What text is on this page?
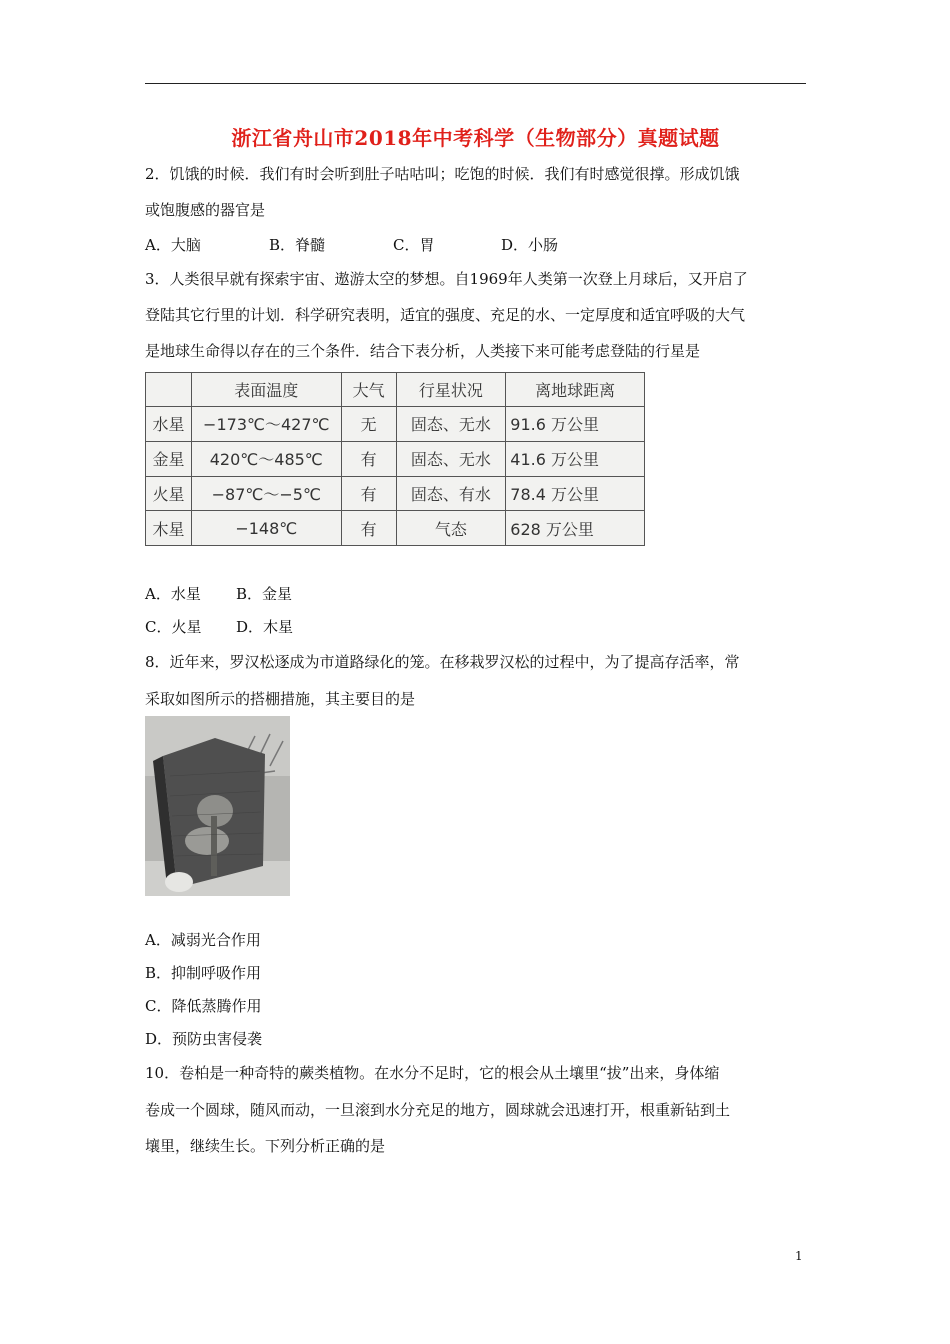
浙江省舟山市2018年中考科学（生物部分）真题试题
2．饥饿的时候．我们有时会听到肚子咕咕叫；吃饱的时候．我们有时感觉很撑。形成饥饿
或饱腹感的器官是
A．大脑	B．脊髓	C．胃	D．小肠
3．人类很早就有探索宇宙、遨游太空的梦想。自1969年人类第一次登上月球后，又开启了
登陆其它行里的计划．科学研究表明，适宜的强度、充足的水、一定厚度和适宜呼吸的大气
是地球生命得以存在的三个条件．结合下表分析，人类接下来可能考虑登陆的行星是
	表面温度	大气	行星状况	离地球距离
水星	−173℃～427℃	无	固态、无水	91.6 万公里
金星	420℃～485℃	有	固态、无水	41.6 万公里
火星	−87℃～−5℃	有	固态、有水	78.4 万公里
木星	−148℃	有	气态	628 万公里
A．水星 B．金星
C．火星 D．木星
8．近年来，罗汉松逐成为市道路绿化的笼。在移栽罗汉松的过程中，为了提高存活率，常
采取如图所示的搭棚措施，其主要目的是
A．减弱光合作用
B．抑制呼吸作用
C．降低蒸腾作用
D．预防虫害侵袭
10．卷柏是一种奇特的蕨类植物。在水分不足时，它的根会从土壤里“拔”出来，身体缩
卷成一个圆球，随风而动，一旦滚到水分充足的地方，圆球就会迅速打开，根重新钻到土
壤里，继续生长。下列分析正确的是
1
